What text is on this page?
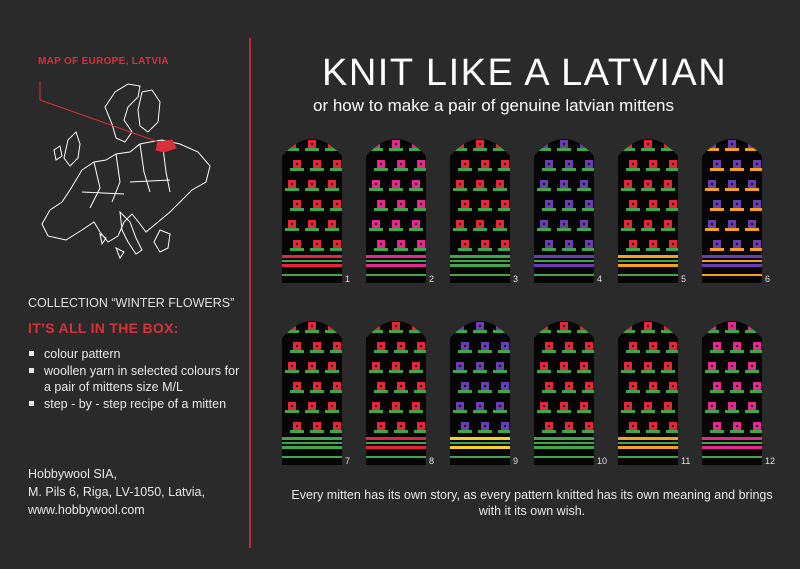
MAP OF EUROPE, LATVIA
COLLECTION “WINTER FLOWERS”
IT’S ALL IN THE BOX:
colour pattern
woollen yarn in selected colours for a pair of mittens size M/L
step - by - step recipe of a mitten
Hobbywool SIA,
M. Pils 6, Riga, LV-1050, Latvia,
www.hobbywool.com
KNIT LIKE A LATVIAN
or how to make a pair of genuine latvian mittens
1	2	3	4	5	6
7	8	9	10	11	12
Every mitten has its own story, as every pattern knitted has its own meaning and brings with it its own wish.
